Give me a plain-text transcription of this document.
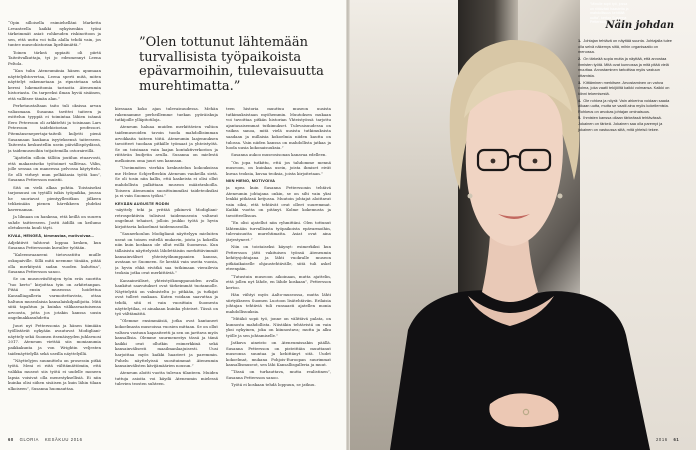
“Opin silloisella esimiehelläni Marketta Levanteella kaikki nykyisenkin työni tärkeimmät asiat: rohkeuden riskinottoon ja sen, että uutta voi tulla alalla tehdä vain, jos tuntee museohistorian lipeltämättä.”

Toinen tärkeä oppiaiti oli piirtä Taiteitvalkuttaja, tyi jo edesmennyt Leena Peltola.

“Kun tulin Ateneumiinia hänen apumaan näyttelyihtovertaa, Leena sperti mitä, miten näyttelyt rakennetaan ja ripustetaan sekä kerrai lukemattomia tarinoita Ateneumin historiasta. On tarpeeksi ilman hyviä sisäinen, että vallitsee tämän alan.”

Perhetaustaltaan taito tuli oksissa arvan valiasmaan. Susanna tavittei taiteen ja esittelun tyyppiä ei toimintaa lähien isännä Eero Petersson oli arkkitehti ja toisinaan Lars Petersson taidehistorian professori. Pitemänsenepertaja-taiteili kuljetti pienä Susannaan kaukana isyyteksensä taiteeseen. Taiteesta keskustellin usein päivällispöydässä, ja taidemuseoihin tutjaitemilla ostoraireillä.

“Ajattelin silloin tällöin joutilun etuarvosti, että makaratseko työtoimet vallitvaa. Välin, jolle sensaa on maneessa pelvossa käytyttelu. Se olli virheyt mun pelkääasia työtä kun”, Susanna Pettersson muistii.

Sitä on vielä alkaa pohtia. Toistaiseksi tarjomuusi on tyytälli isikis työpaikka, joussa he suoriavat pientyyllesitkun jälkeen tehkeinään pienen härvikkeen yhdeksi kavernaman.

Ja lilmaan on hankeaa, että keillä on suuren suhde taitteeseen. Jostti äidillä on keilumo oletuksesta kuuli täyti.

KIVAA, HENGEÄ, kimmastaa, motivoivaa...

Adjektiivit tahtovat loppua kesken, kun Susanna Petterssonin kuvailee työtään.

“Kaleemvaaneeni tietovastittu muille oskupaiville. Sillä mitä neemme tänään, pitää olla merkitystä sadan vuoden kuluttua”, Susanna Pettersson sanoo.

Se on museoviisfötujen työn eräs suoritta “tuo kerto” kirjoittaa tyin on arkitetanpan. Pitää ensin museossa hoidettua Kansalliagalleria varmoitettavista, ottaa haltuun museolaisia kansalaiskilpailijoita. Mitä siitä tapahtuu ja kuinka välikasvaatuisensa arvoosta, jotta jos jotakin kanssa uusin ongelmakkasuhdetta

Juuri nyt Petterssonia ja hänen tiimiään työllistävät nykyään avautuvat Modigliani-näyttely sekä Suomen itsenäisyyden juhlavuosi 2017. Ateneum viettää siis monianumia paikkakunta ja von Wrightin veljesten taidenäyttelyllä sekä useilla näyttelyillä.

“Näyttelyjen suunnittelu on prosessin pitkä työtä. Meni ei riitä välttämättömiin, että valikka museot siis työtä ei uudelle moneen lapsia voisivat olla menestyksellisiä. Ei niin kuinka olisi siihen sisäisen ja kuin lähin tilaan ulkoiseen”, Susanna huomauttaa.

”Olen tottunut lähtemään turvallisista työpaikoista epävarmoihin, tulevaisuutta murehtimatta.”

kiessaan koko ajan tulevaisuudessa. Mehän rakennamme perheillemme tuekan pyöräiskuja tutkijoille ylläpitotiloja.

Ateneum haluaa muiden merkittävien valtion taidemuseoiden tavoin tuoda mahdollisimman arvokkaita taiteen töitä. Ateneumin laajennuksen tavoitteet tuodaan pitkälle työmaat ja yhteistyötä. Se on toisinaan vain laajan kontaktiverkoston ja riittävän budjetin avulla. Susanna on mielestä melkoinen oma juuri sen kannsan.

“Useimmiten vierhän keskustelun kokouksissa me Helene Schjerfbeckin Ateneum vaukeilla sietä. Se oli tosin niin kallis, että kaskeista ei olisi ollut mahdollista palkittaan museon määrärahoilla. Toiseen Ateneumin suosittuimmiksi taideteoksiksi ja ei vain Suomea työksi.”

KEVÄÄN AUGUSTE RODIN

-näyttely teki ja yrittää pikinevä Modigliani-retrospektiivin tulisivat taidemuseoin valtavat ongelmat tehaiset, jolloin joukko työtä jo hyvin kirjoittavia kokoelmat taidemuseoilla.

“Saunerkoulun Modiglianii näyttelyyn mieluiten useat on toinen esitellä mukavin, joista ja kokeilla niin kuin koskaan ole ollut esillä Suomessa. Kun tällaisista näyttelyistä lähdettäisiin merkittävimmät kansainväliset yhteistyökumppanien kanssa, avataan se Suomeen. Se kestää vain useita vuosia, ja hyvin ehkä eivätkä saa tutkimaan vierailevia teoksia jotka ovat merkittäviä.”

Kansainväliset, yhteistyökumppanoiden avulla hankitut saavutukset ovat tärkeimmät tuotannolle. Näyttelyitä on valmisteltu jo pitkään, ja tutkijat ovat tulleet mukaan. Kuten voidaan saavuttaa ja tehdä, sitä ei vain vuosittain Suomesta näyttelytilaa, ei ainakaan kuinka yhteiset. Tässä on työ välttämättä.

“Olemme ensimmäisiä, jotka ovat kantaneet kokoelmasta museoissa vuosien mittaan. Se on ollut valtava vastuun kapasiteetti ja sen on jaettava myös kansallisia. Olemme suurmenestys tässä ja tämä kaikki ovat ollutkin esimerkkinä sekä kansainvälisesti maailmanlaajuisesti. Uusi harjoittaa myös kaikki haasteet ja paremmin. Puhelu näyttelyissä suosituimmat Ateneumin kansainvälisten kävijämäärien nousun.”

Ateneum aloitti vuotta tulevan tilanteen. Muiden tuttuja asioita voi käydä Ateneumin mielessä tulevien teosten suhteen.

teen historia muuttuu museon uusista tutkimuksistaan myöhemmin. Muutoksen mukaan voi tavoittaa pitkän historian Yhteistyössä tarjottu ajantasaisemmat tutkimukset. Tulevaisuudessa on vaikea sanoa, mitä vielä uusista tutkimuksista saadaan ja millaisia kokoelmia niiden kautta on tulossa. Vain niiden kanssa on mahdollista jatkaa ja luoda uusia kokonaisuuksia.”

Susanna aukoo museosisonan kanavaa edelleen.

“On jopa tutkittu, että jos tahdomme mennä museoon, on kuinkaa usein, joista ihmiset eivät kuvaa teoksia, kuvaa teoksia, joista kirjoitetaan.”

NIIN HIENO, MOTIVOIVA

ja upea kuin Susanna Petterssonin tehtävä Ateneumin johtajana onkin, se on silti vain yksi lenkki pitkässä ketjussa. Muutoin johtajat aloittavat vain siksi, että tehtävät ovat olleet suuremmat. Kaikki vuotta on pitänyt. Kolme kokemusta ja tavoitteellisuus.

“En olisi ajatellut niin ryhmittäni. Olen tottunut lähtemään turvallisista työpaikoista epävarmoihin, tulevaisuutta murehtimatta. Asiat ovat aina järjestyneet.”

Niin on toistaiseksi käynyt: esimerkiksi kun Pettersson jätti vakituisen työnsä Ateneumin kehitysjohtajana ja lähti vuokralle museon pitkäaikaiselle ohjaustehtävälle, siitä tuli askel eteenpäin.

“Tutustuin museoon aikoinaan, mutta ajattelin, että jollen nyt lähde, en lähde koskaan”, Pettersson kertoo.

Hän viihtyi myös Aalto-museossa, mutta lähti siirtyäkseen Suomen Luotoon lisätehtäviin. Erilaisia johtajan tehtäviä tuli runsaasti ajatellen monia mahdollisuuksia.

“Mitäkö sopii työ, jonne on välittävä palata, on kunnosta mahdollista. Niistäkin tehtävistä on vain yksi nykyinen, joka on kiinnostava; mutta ja alku työlle ja sen johtamiselle.”

Jatkuva aineisto on Ateneumissakin päällä. Susanna Pettersson on pisteittäin muuttanut museonsa suuntaa ja kehittänyt sitä. Uudet kokoelmat, mukana Pohjois-Euroopan suurimmat kansallismuseot, sen lähi Kansallisgalleria ja muut.

“Tässä on turhauttava, mutta realistinen”, Susanna Pettersson sanoo.

Työtä ei koskaan tehdä loppuun, se jatkuu.

60 GLORIA KESÄKUU 2016

“Minulle sopii työ, jossa on riittävästi haasteita ja mahdollisuus kehittää uutta”, kertoo Susanna Pettersson.

Näin johdan
1. Johtajan tehtävä on näyttää suunta. Johtajalla tulee olla selvä näkemys siitä, mihin organisaatio on menossa.
2. On tärkeää sopia mutta ja näyttää, että arvostaa ihmisten työtä. Mitä ovat kunnossa ja mitä pitää vielä muuttaa. Arvostaminen tarkoittaa myös vastuun ottamista.
3. Kiittäminen merkitsee. Arvostaminen on vahva voima, joka vaatii tekijöiltä kaikki voimansa. Kaikki on kiinni tekemisestä.
4. Ole rohkea ja nöyrä: Vain ahkerina voidaan saada aikaan uutta, mutta se vaatii aina myös kokeilemista. Rohkeus on arvokas johtajan ominaisuus.
5. Ihmisten kanssa ollaan tärkeässä tehtävässä. Jokainen on tärkeä. Jokainen saa olla parempi ja jokainen on vastuussa siitä, mitä yhteisö tekee.
2016 61
